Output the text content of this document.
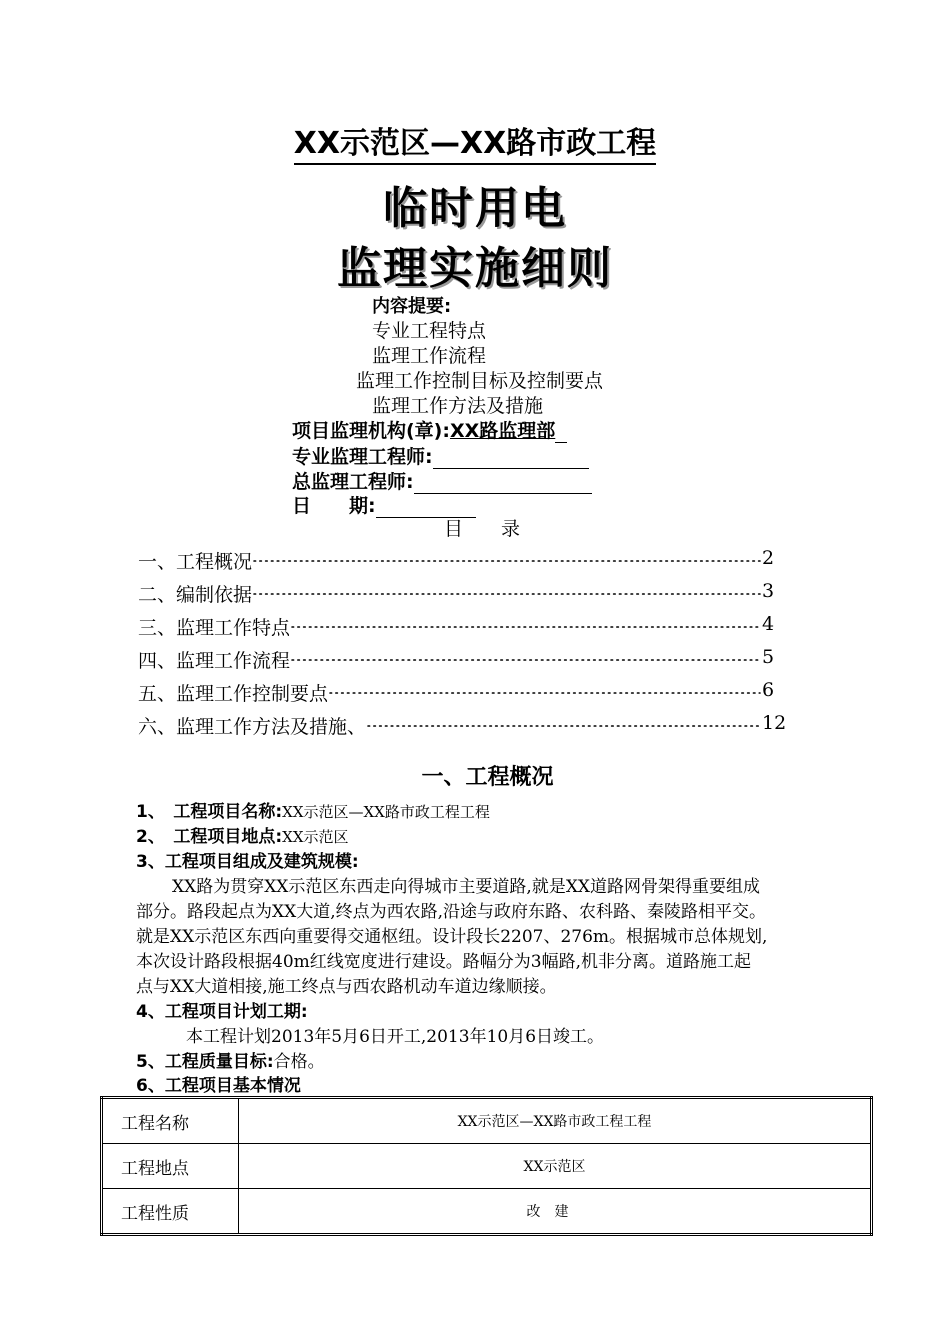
XX示范区—XX路市政工程
临时用电
监理实施细则
内容提要:
专业工程特点
监理工作流程
监理工作控制目标及控制要点
监理工作方法及措施
项目监理机构(章):XX路监理部
专业监理工程师:
总监理工程师:
日　　期:
目　　录
一、工程概况	2
二、编制依据	3
三、监理工作特点	4
四、监理工作流程	5
五、监理工作控制要点	6
六、监理工作方法及措施、	12
一、工程概况
1、　工程项目名称:XX示范区—XX路市政工程工程
2、　工程项目地点:XX示范区
3、工程项目组成及建筑规模:
XX路为贯穿XX示范区东西走向得城市主要道路,就是XX道路网骨架得重要组成
部分。路段起点为XX大道,终点为西农路,沿途与政府东路、农科路、秦陵路相平交。
就是XX示范区东西向重要得交通枢纽。设计段长2207、276m。根据城市总体规划,
本次设计路段根据40m红线宽度进行建设。路幅分为3幅路,机非分离。道路施工起
点与XX大道相接,施工终点与西农路机动车道边缘顺接。
4、工程项目计划工期:
本工程计划2013年5月6日开工,2013年10月6日竣工。
5、工程质量目标:合格。
6、工程项目基本情况
工程名称	XX示范区—XX路市政工程工程
工程地点	XX示范区
工程性质	改建
